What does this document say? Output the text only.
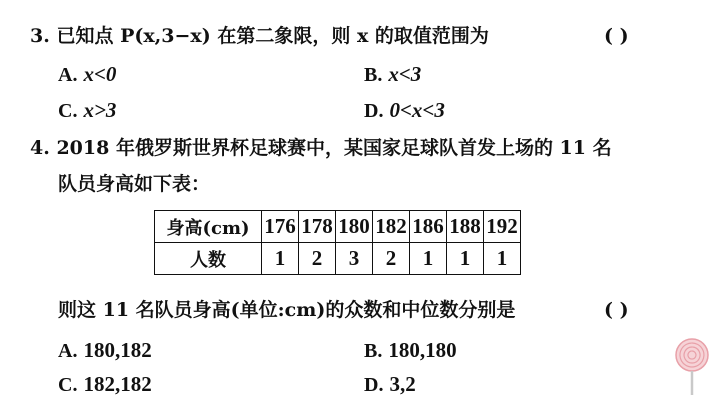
3. 已知点 P(x,3−x) 在第二象限，则 x 的取值范围为	( )
A. x<0	B. x<3
C. x>3	D. 0<x<3
4. 2018 年俄罗斯世界杯足球赛中，某国家足球队首发上场的 11 名
队员身高如下表：
身高(cm)	176	178	180	182	186	188	192
人数	1	2	3	2	1	1	1
则这 11 名队员身高(单位:cm)的众数和中位数分别是	( )
A. 180,182	B. 180,180
C. 182,182	D. 3,2
